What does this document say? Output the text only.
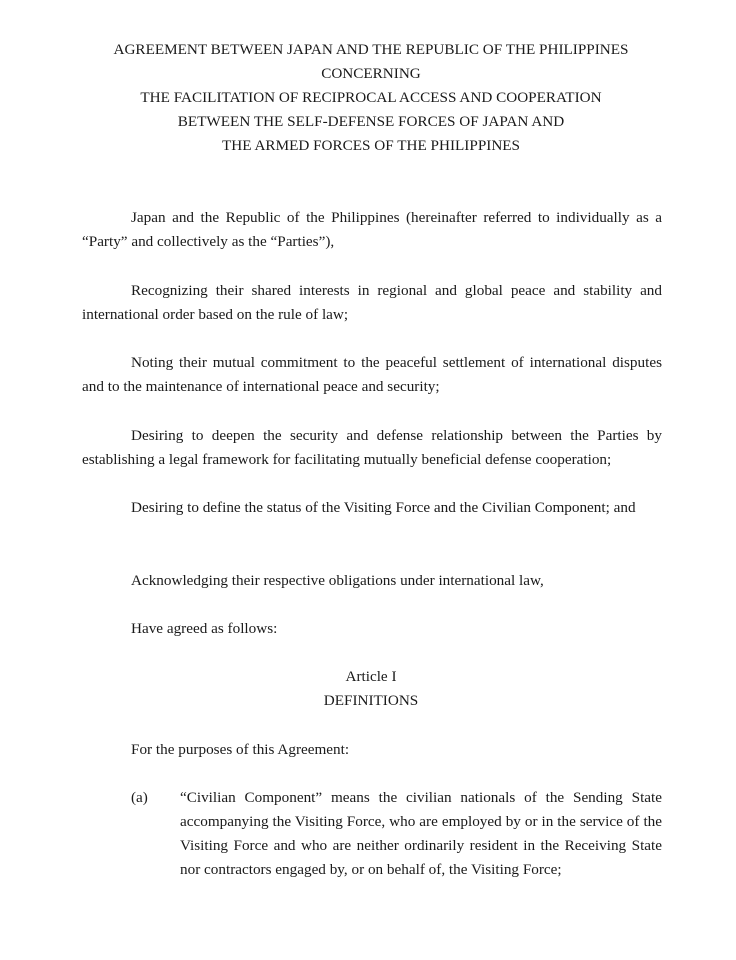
AGREEMENT BETWEEN JAPAN AND THE REPUBLIC OF THE PHILIPPINES
CONCERNING
THE FACILITATION OF RECIPROCAL ACCESS AND COOPERATION
BETWEEN THE SELF-DEFENSE FORCES OF JAPAN AND
THE ARMED FORCES OF THE PHILIPPINES
Japan and the Republic of the Philippines (hereinafter referred to individually as a “Party” and collectively as the “Parties”),
Recognizing their shared interests in regional and global peace and stability and international order based on the rule of law;
Noting their mutual commitment to the peaceful settlement of international disputes and to the maintenance of international peace and security;
Desiring to deepen the security and defense relationship between the Parties by establishing a legal framework for facilitating mutually beneficial defense cooperation;
Desiring to define the status of the Visiting Force and the Civilian Component; and
Acknowledging their respective obligations under international law,
Have agreed as follows:
Article I
DEFINITIONS
For the purposes of this Agreement:
(a) “Civilian Component” means the civilian nationals of the Sending State accompanying the Visiting Force, who are employed by or in the service of the Visiting Force and who are neither ordinarily resident in the Receiving State nor contractors engaged by, or on behalf of, the Visiting Force;
